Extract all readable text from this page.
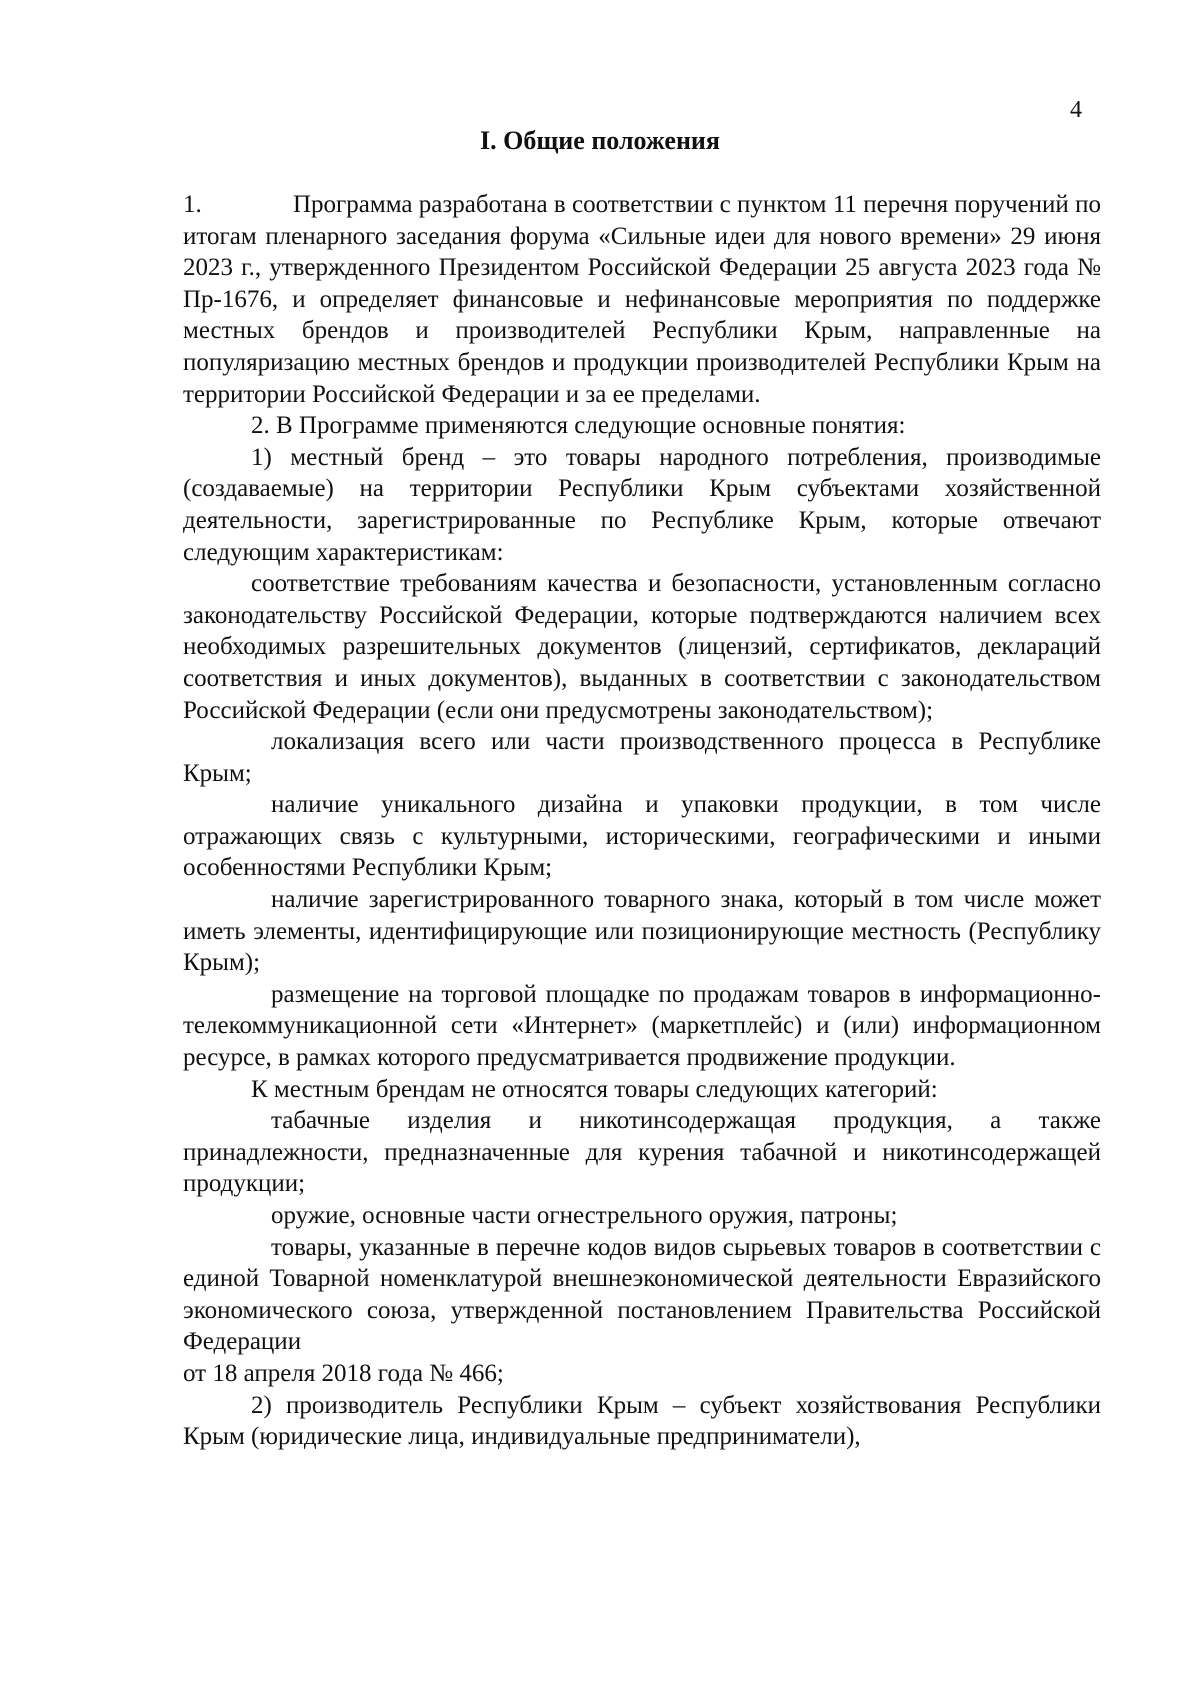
4
I. Общие положения

1.	Программа разработана в соответствии с пунктом 11 перечня поручений по итогам пленарного заседания форума «Сильные идеи для нового времени» 29 июня 2023 г., утвержденного Президентом Российской Федерации 25 августа 2023 года № Пр-1676, и определяет финансовые и нефинансовые мероприятия по поддержке местных брендов и производителей Республики Крым, направленные на популяризацию местных брендов и продукции производителей Республики Крым на территории Российской Федерации и за ее пределами.

2. В Программе применяются следующие основные понятия:

1) местный бренд – это товары народного потребления, производимые (создаваемые) на территории Республики Крым субъектами хозяйственной деятельности, зарегистрированные по Республике Крым, которые отвечают следующим характеристикам:

соответствие требованиям качества и безопасности, установленным согласно законодательству Российской Федерации, которые подтверждаются наличием всех необходимых разрешительных документов (лицензий, сертификатов, деклараций соответствия и иных документов), выданных в соответствии с законодательством Российской Федерации (если они предусмотрены законодательством);

локализация всего или части производственного процесса в Республике Крым;

наличие уникального дизайна и упаковки продукции, в том числе отражающих связь с культурными, историческими, географическими и иными особенностями Республики Крым;

наличие зарегистрированного товарного знака, который в том числе может иметь элементы, идентифицирующие или позиционирующие местность (Республику Крым);

размещение на торговой площадке по продажам товаров в информационно-телекоммуникационной сети «Интернет» (маркетплейс) и (или) информационном ресурсе, в рамках которого предусматривается продвижение продукции.

К местным брендам не относятся товары следующих категорий:

табачные изделия и никотинсодержащая продукция, а также принадлежности, предназначенные для курения табачной и никотинсодержащей продукции;

оружие, основные части огнестрельного оружия, патроны;

товары, указанные в перечне кодов видов сырьевых товаров в соответствии с единой Товарной номенклатурой внешнеэкономической деятельности Евразийского экономического союза, утвержденной постановлением Правительства Российской Федерации

от 18 апреля 2018 года № 466;

2) производитель Республики Крым – субъект хозяйствования Республики Крым (юридические лица, индивидуальные предприниматели),
